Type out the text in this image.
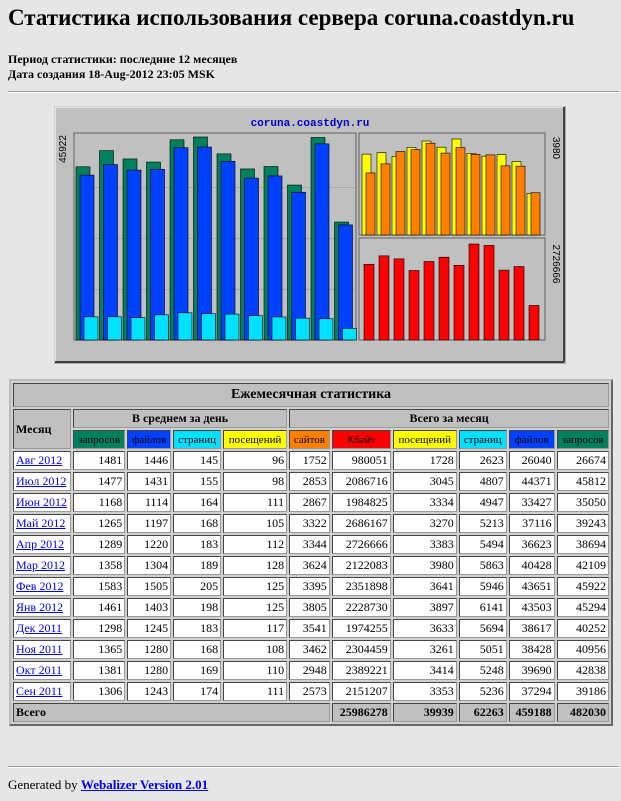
Статистика использования сервера coruna.coastdyn.ru
Период статистики: последние 12 месяцев
Дата создания 18-Aug-2012 23:05 MSK
coruna.coastdyn.ru
45922	3980
2726666
Ежемесячная статистика										
Месяц	В среднем за день				Всего за месяц					
	запросов	файлов	страниц	посещений	сайтов	Кбайт	посещений	страниц	файлов	запросов
Авг 2012	1481	1446	145	96	1752	980051	1728	2623	26040	26674
Июл 2012	1477	1431	155	98	2853	2086716	3045	4807	44371	45812
Июн 2012	1168	1114	164	111	2867	1984825	3334	4947	33427	35050
Май 2012	1265	1197	168	105	3322	2686167	3270	5213	37116	39243
Апр 2012	1289	1220	183	112	3344	2726666	3383	5494	36623	38694
Мар 2012	1358	1304	189	128	3624	2122083	3980	5863	40428	42109
Фев 2012	1583	1505	205	125	3395	2351898	3641	5946	43651	45922
Янв 2012	1461	1403	198	125	3805	2228730	3897	6141	43503	45294
Дек 2011	1298	1245	183	117	3541	1974255	3633	5694	38617	40252
Ноя 2011	1365	1280	168	108	3462	2304459	3261	5051	38428	40956
Окт 2011	1381	1280	169	110	2948	2389221	3414	5248	39690	42838
Сен 2011	1306	1243	174	111	2573	2151207	3353	5236	37294	39186
Всего						25986278	39939	62263	459188	482030
Generated by Webalizer Version 2.01
